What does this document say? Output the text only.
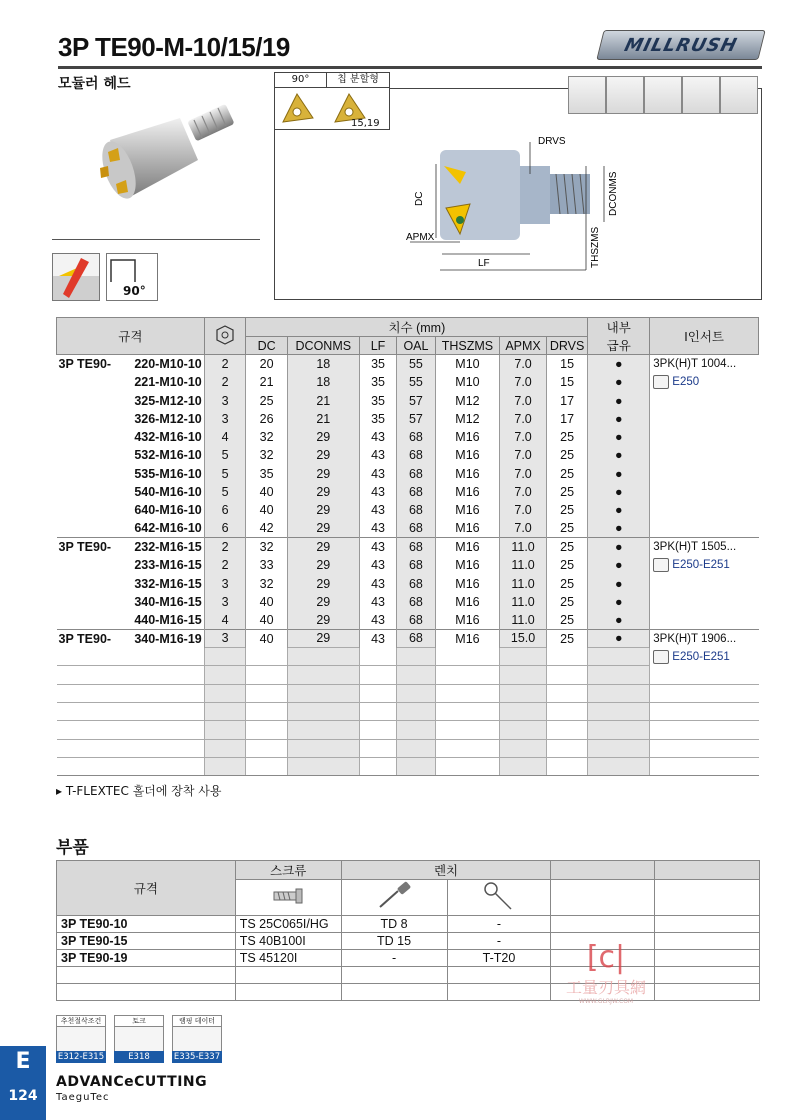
3P TE90-M-10/15/19	MILLRUSH
모듈러 헤드
90°
90°	칩 분할형
15,19
DRVS
DC	DCONMS
APMX
LF	THSZMS
규격		치수 (mm)							내부
급유	I인서트
		DC	DCONMS	LF	OAL	THSZMS	APMX	DRVS		

3P TE90- 220-M10-10	2	20	18	35	55	M10	7.0	15	●	3PK(H)T 1004...
221-M10-10	2	21	18	35	55	M10	7.0	15	●	E250
325-M12-10	3	25	21	35	57	M12	7.0	17	●	
326-M12-10	3	26	21	35	57	M12	7.0	17	●	
432-M16-10	4	32	29	43	68	M16	7.0	25	●	
532-M16-10	5	32	29	43	68	M16	7.0	25	●	
535-M16-10	5	35	29	43	68	M16	7.0	25	●	
540-M16-10	5	40	29	43	68	M16	7.0	25	●	
640-M16-10	6	40	29	43	68	M16	7.0	25	●	
642-M16-10	6	42	29	43	68	M16	7.0	25	●	

3P TE90- 232-M16-15	2	32	29	43	68	M16	11.0	25	●	3PK(H)T 1505...
233-M16-15	2	33	29	43	68	M16	11.0	25	●	E250-E251
332-M16-15	3	32	29	43	68	M16	11.0	25	●	
340-M16-15	3	40	29	43	68	M16	11.0	25	●	
440-M16-15	4	40	29	43	68	M16	11.0	25	●	

3P TE90- 340-M16-19	3	40	29	43	68	M16	15.0	25	●	3PK(H)T 1906...
										E250-E251

▸ T-FLEXTEC 홀더에 장착 사용
부품
규격	스크류	렌치			

3P TE90-10	TS 25C065I/HG	TD 8	-		
3P TE90-15	TS 40B100I	TD 15	-		
3P TE90-19	TS 45120I	-	T-T20		

						[c|
工量刃具網
WWW.GLRJW.COM
추천절삭조건
E312-E315
토크
E318
램핑 데이터
E335-E337
E
124
ADVANCeCUTTING
TaeguTec
